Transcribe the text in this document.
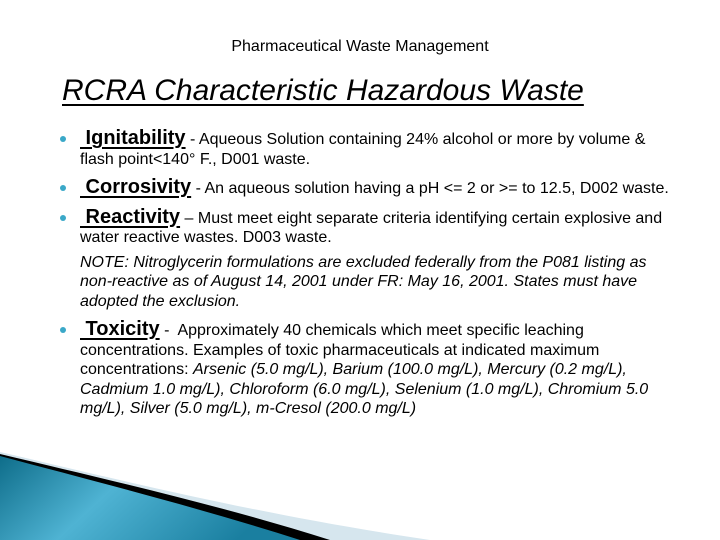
Pharmaceutical Waste Management
RCRA Characteristic Hazardous Waste
Ignitability - Aqueous Solution containing 24% alcohol or more by volume & flash point<140° F., D001 waste.
Corrosivity - An aqueous solution having a pH <= 2 or >= to 12.5, D002 waste.
Reactivity – Must meet eight separate criteria identifying certain explosive and water reactive wastes. D003 waste.
NOTE: Nitroglycerin formulations are excluded federally from the P081 listing as non-reactive as of August 14, 2001 under FR: May 16, 2001. States must have adopted the exclusion.
Toxicity -  Approximately 40 chemicals which meet specific leaching concentrations. Examples of toxic pharmaceuticals at indicated maximum concentrations: Arsenic (5.0 mg/L), Barium (100.0 mg/L), Mercury (0.2 mg/L), Cadmium 1.0 mg/L), Chloroform (6.0 mg/L), Selenium (1.0 mg/L), Chromium 5.0 mg/L), Silver (5.0 mg/L), m-Cresol (200.0 mg/L)
